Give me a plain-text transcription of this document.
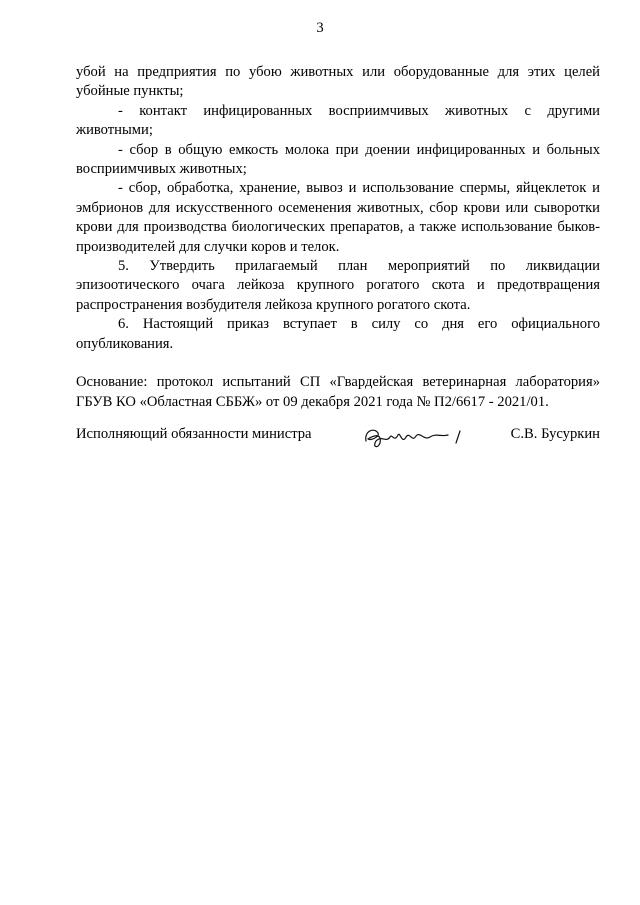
3

убой на предприятия по убою животных или оборудованные для этих целей убойные пункты;

- контакт инфицированных восприимчивых животных с другими животными;

- сбор в общую емкость молока при доении инфицированных и больных восприимчивых животных;

- сбор, обработка, хранение, вывоз и использование спермы, яйцеклеток и эмбрионов для искусственного осеменения животных, сбор крови или сыворотки крови для производства биологических препаратов, а также использование быков-производителей для случки коров и телок.

5. Утвердить прилагаемый план мероприятий по ликвидации эпизоотического очага лейкоза крупного рогатого скота и предотвращения распространения возбудителя лейкоза крупного рогатого скота.

6. Настоящий приказ вступает в силу со дня его официального опубликования.

Основание: протокол испытаний СП «Гвардейская ветеринарная лаборатория» ГБУВ КО «Областная СББЖ» от 09 декабря 2021 года № П2/6617 - 2021/01.

Исполняющий обязанности министра	С.В. Бусуркин
